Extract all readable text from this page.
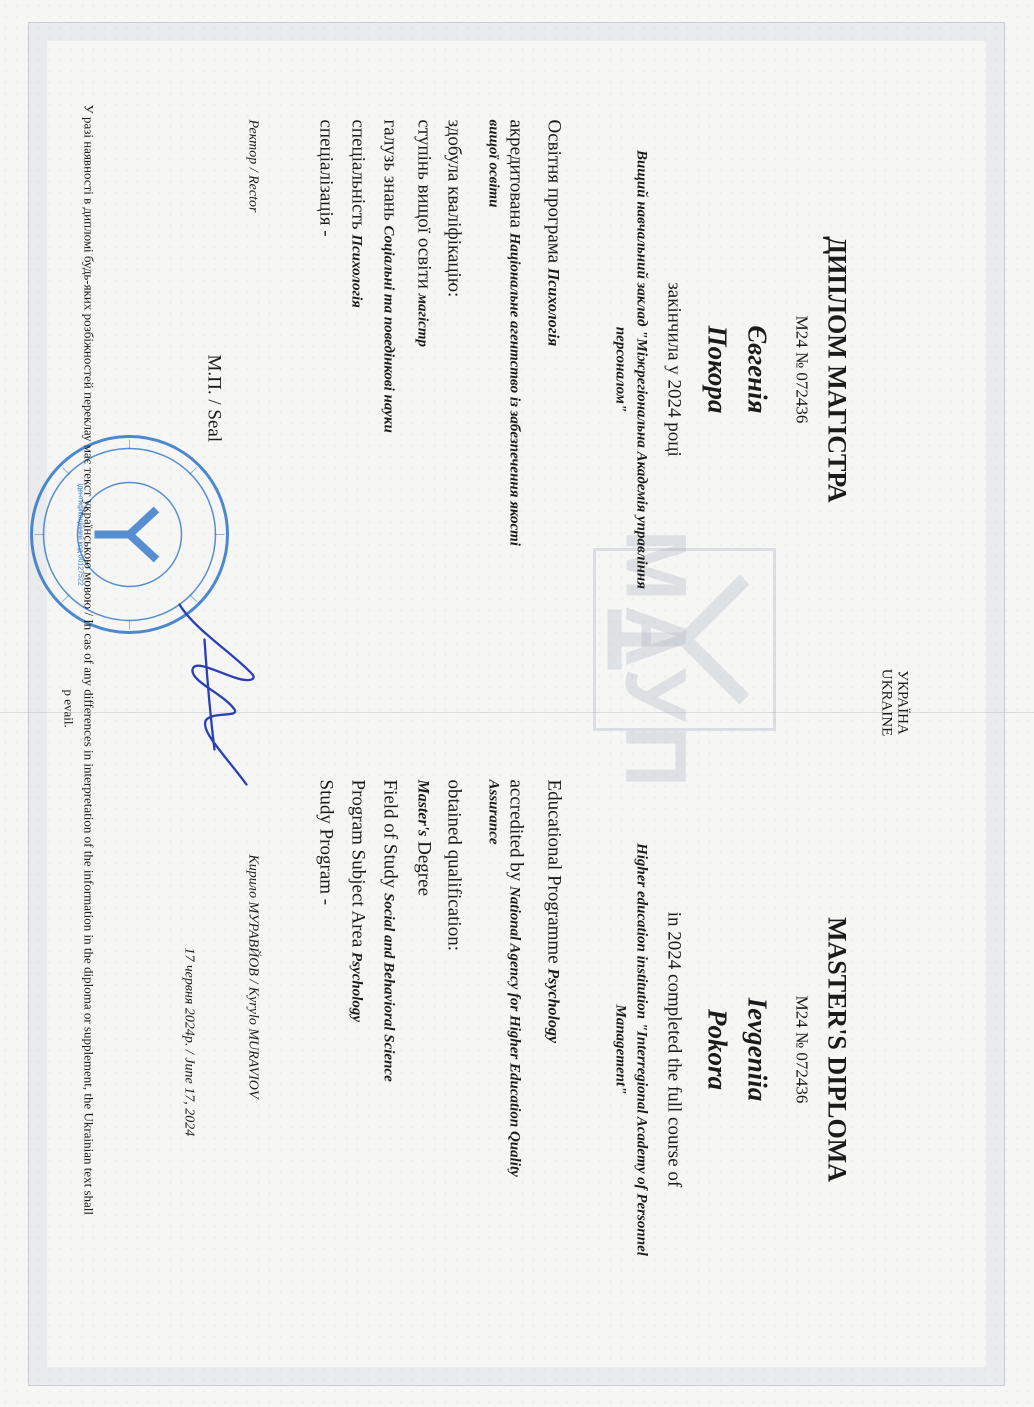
МАУП	УКРАЇНА
UKRAINE
ДИПЛОМ МАГІСТРА
М24 № 072436
Євгенія
Покора
закінчила у 2024 році
Вищий навчальний заклад "Міжрегіональна Академія управління
персоналом"
Освітня програма Психологія
акредитована Національне агентство із забезпечення якості
вищої освіти
здобула кваліфікацію:
ступінь вищої освіти магістр
галузь знань Соціальні та поведінкові науки
спеціальність Психологія
спеціалізація -
Ректор / Rector
М.П. / Seal
Ідентифікаційний код 00127522
MASTER'S DIPLOMA
М24 № 072436
Ievgeniia
Pokora
in 2024 completed the full course of
Higher education institution "Interregional Academy of Personnel
Management"
Educational Programme Psychology
accredited by National Agency for Higher Education Quality
Assurance
obtained qualification:
Master's Degree
Field of Study Social and Behavioral Science
Program Subject Area Psychology
Study Program -
Кирило МУРАВЙОВ / Kyrylo MURAVIOV
17 червня 2024р. / June 17, 2024
У разі наявності в дипломі будь-яких розбіжностей переклау має текст українською мовою / In cas of any differences in interpretation of the information in the diploma or supplement, the Ukrainian text shall
p evail.
